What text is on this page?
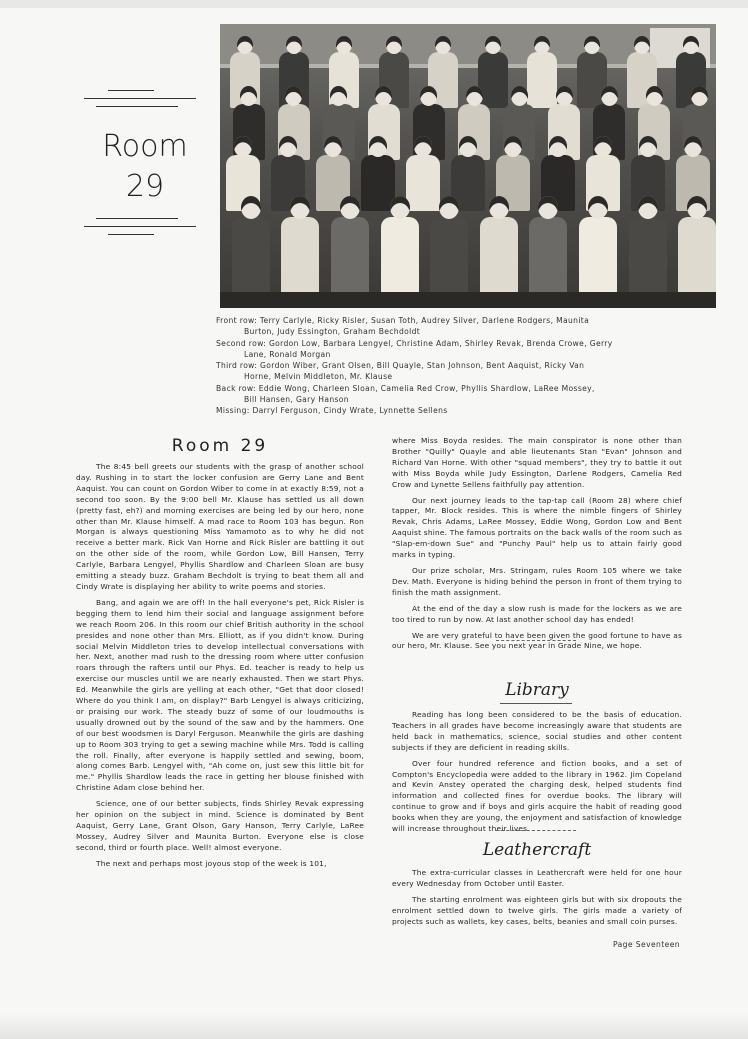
Room
29
Front row: Terry Carlyle, Ricky Risler, Susan Toth, Audrey Silver, Darlene Rodgers, Maunita
Burton, Judy Essington, Graham Bechdoldt
Second row: Gordon Low, Barbara Lengyel, Christine Adam, Shirley Revak, Brenda Crowe, Gerry
Lane, Ronald Morgan
Third row: Gordon Wiber, Grant Olsen, Bill Quayle, Stan Johnson, Bent Aaquist, Ricky Van
Horne, Melvin Middleton, Mr. Klause
Back row: Eddie Wong, Charleen Sloan, Camelia Red Crow, Phyllis Shardlow, LaRee Mossey,
Bill Hansen, Gary Hanson
Missing: Darryl Ferguson, Cindy Wrate, Lynnette Sellens
Room 29

The 8:45 bell greets our students with the grasp of another school day. Rushing in to start the locker confusion are Gerry Lane and Bent Aaquist. You can count on Gordon Wiber to come in at exactly 8:59, not a second too soon. By the 9:00 bell Mr. Klause has settled us all down (pretty fast, eh?) and morning exercises are being led by our hero, none other than Mr. Klause himself. A mad race to Room 103 has begun. Ron Morgan is always questioning Miss Yamamoto as to why he did not receive a better mark. Rick Van Horne and Rick Risler are battling it out on the other side of the room, while Gordon Low, Bill Hansen, Terry Carlyle, Barbara Lengyel, Phyllis Shardlow and Charleen Sloan are busy emitting a steady buzz. Graham Bechdolt is trying to beat them all and Cindy Wrate is displaying her ability to write poems and stories.

Bang, and again we are off! In the hall everyone's pet, Rick Risler is begging them to lend him their social and language assignment before we reach Room 206. In this room our chief British authority in the school presides and none other than Mrs. Elliott, as if you didn't know. During social Melvin Middleton tries to develop intellectual conversations with her. Next, another mad rush to the dressing room where utter confusion roars through the rafters until our Phys. Ed. teacher is ready to help us exercise our muscles until we are nearly exhausted. Then we start Phys. Ed. Meanwhile the girls are yelling at each other, "Get that door closed! Where do you think I am, on display?" Barb Lengyel is always criticizing, or praising our work. The steady buzz of some of our loudmouths is usually drowned out by the sound of the saw and by the hammers. One of our best woodsmen is Daryl Ferguson. Meanwhile the girls are dashing up to Room 303 trying to get a sewing machine while Mrs. Todd is calling the roll. Finally, after everyone is happily settled and sewing, boom, along comes Barb. Lengyel with, "Ah come on, just sew this little bit for me." Phyllis Shardlow leads the race in getting her blouse finished with Christine Adam close behind her.

Science, one of our better subjects, finds Shirley Revak expressing her opinion on the subject in mind. Science is dominated by Bent Aaquist, Gerry Lane, Grant Olson, Gary Hanson, Terry Carlyle, LaRee Mossey, Audrey Silver and Maunita Burton. Everyone else is close second, third or fourth place. Well! almost everyone.

The next and perhaps most joyous stop of the week is 101,

where Miss Boyda resides. The main conspirator is none other than Brother "Quilly" Quayle and able lieutenants Stan "Evan" Johnson and Richard Van Horne. With other "squad members", they try to battle it out with Miss Boyda while Judy Essington, Darlene Rodgers, Camelia Red Crow and Lynette Sellens faithfully pay attention.

Our next journey leads to the tap-tap call (Room 28) where chief tapper, Mr. Block resides. This is where the nimble fingers of Shirley Revak, Chris Adams, LaRee Mossey, Eddie Wong, Gordon Low and Bent Aaquist shine. The famous portraits on the back walls of the room such as "Slap-em-down Sue" and "Punchy Paul" help us to attain fairly good marks in typing.

Our prize scholar, Mrs. Stringam, rules Room 105 where we take Dev. Math. Everyone is hiding behind the person in front of them trying to finish the math assignment.

At the end of the day a slow rush is made for the lockers as we are too tired to run by now. At last another school day has ended!

We are very grateful to have been given the good fortune to have as our hero, Mr. Klause. See you next year in Grade Nine, we hope.

Library

Reading has long been considered to be the basis of education. Teachers in all grades have become increasingly aware that students are held back in mathematics, science, social studies and other content subjects if they are deficient in reading skills.

Over four hundred reference and fiction books, and a set of Compton's Encyclopedia were added to the library in 1962. Jim Copeland and Kevin Anstey operated the charging desk, helped students find information and collected fines for overdue books. The library will continue to grow and if boys and girls acquire the habit of reading good books when they are young, the enjoyment and satisfaction of knowledge will increase throughout their lives.

Leathercraft

The extra-curricular classes in Leathercraft were held for one hour every Wednesday from October until Easter.

The starting enrolment was eighteen girls but with six dropouts the enrolment settled down to twelve girls. The girls made a variety of projects such as wallets, key cases, belts, beanies and small coin purses.

Page Seventeen
